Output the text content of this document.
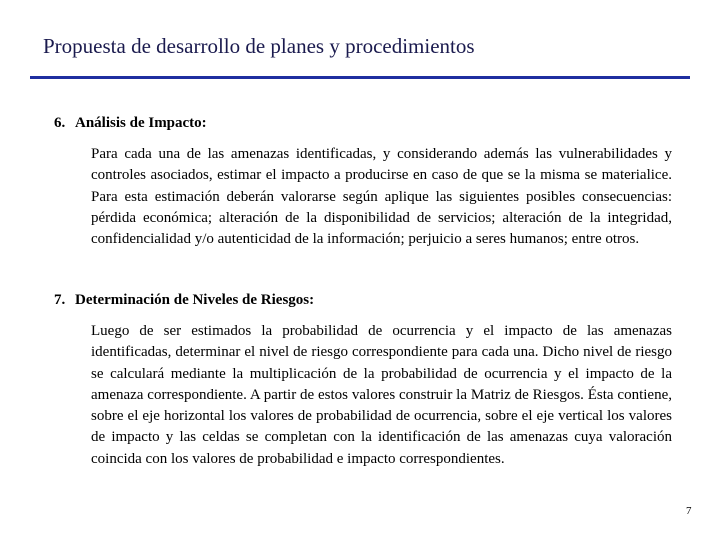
Propuesta de desarrollo de planes y procedimientos

6. Análisis de Impacto:

Para cada una de las amenazas identificadas, y considerando además las vulnerabilidades y controles asociados, estimar el impacto a producirse en caso de que se la misma se materialice. Para esta estimación deberán valorarse según aplique las siguientes posibles consecuencias: pérdida económica; alteración de la disponibilidad de servicios; alteración de la integridad, confidencialidad y/o autenticidad de la información; perjuicio a seres humanos; entre otros.

7. Determinación de Niveles de Riesgos:

Luego de ser estimados la probabilidad de ocurrencia y el impacto de las amenazas identificadas, determinar el nivel de riesgo correspondiente para cada una. Dicho nivel de riesgo se calculará mediante la multiplicación de la probabilidad de ocurrencia y el impacto de la amenaza correspondiente. A partir de estos valores construir la Matriz de Riesgos. Ésta contiene, sobre el eje horizontal los valores de probabilidad de ocurrencia, sobre el eje vertical los valores de impacto y las celdas se completan con la identificación de las amenazas cuya valoración coincida con los valores de probabilidad e impacto correspondientes.

7
